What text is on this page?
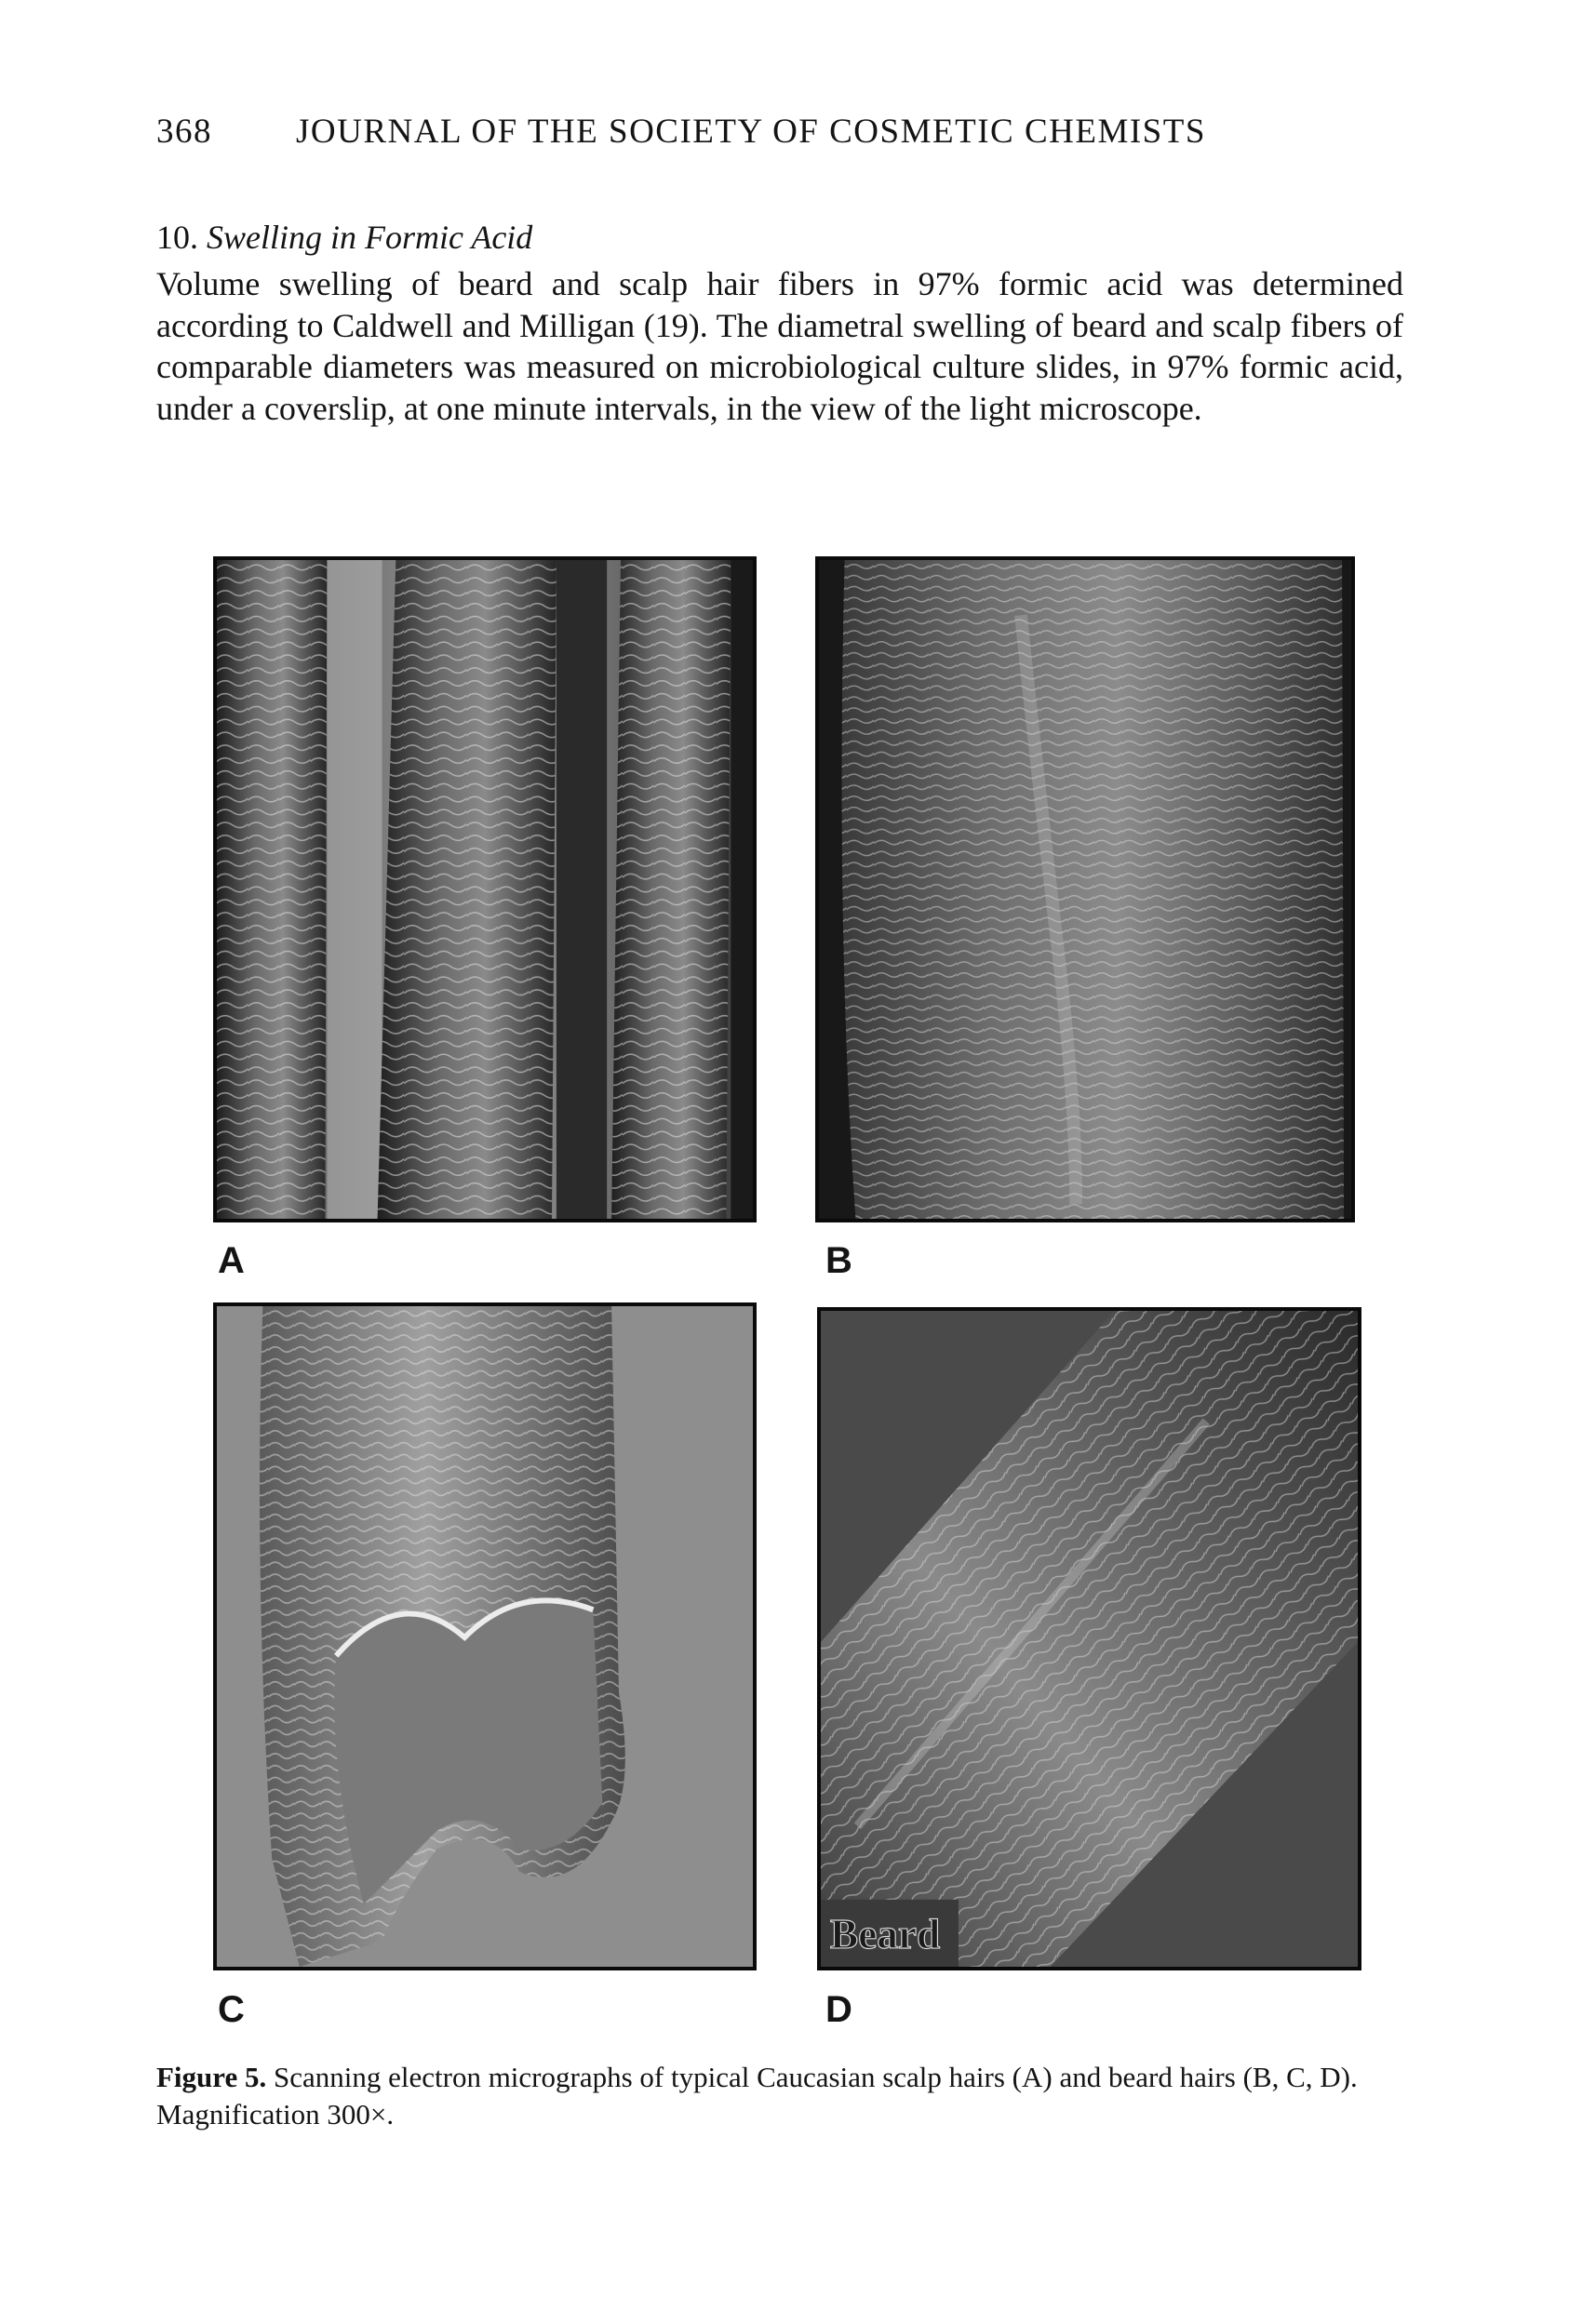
368 JOURNAL OF THE SOCIETY OF COSMETIC CHEMISTS
10. Swelling in Formic Acid

Volume swelling of beard and scalp hair fibers in 97% formic acid was determined according to Caldwell and Milligan (19). The diametral swelling of beard and scalp fibers of comparable diameters was measured on microbiological culture slides, in 97% formic acid, under a coverslip, at one minute intervals, in the view of the light microscope.

A	B
C
Beard
D

Figure 5. Scanning electron micrographs of typical Caucasian scalp hairs (A) and beard hairs (B, C, D). Magnification 300×.
